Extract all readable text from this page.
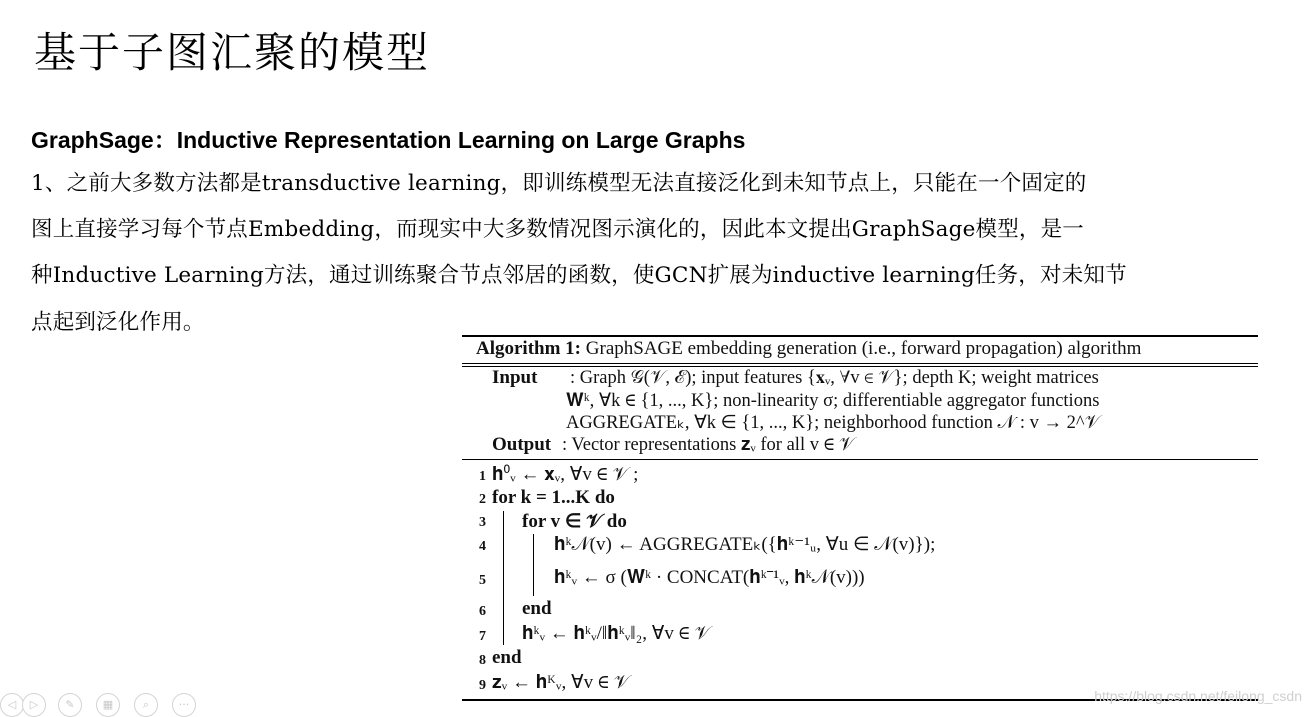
基于子图汇聚的模型
GraphSage：Inductive Representation Learning on Large Graphs
1、之前大多数方法都是transductive learning，即训练模型无法直接泛化到未知节点上，只能在一个固定的
图上直接学习每个节点Embedding，而现实中大多数情况图示演化的，因此本文提出GraphSage模型，是一
种Inductive Learning方法，通过训练聚合节点邻居的函数，使GCN扩展为inductive learning任务，对未知节
点起到泛化作用。
Algorithm 1: GraphSAGE embedding generation (i.e., forward propagation) algorithm
Input : Graph 𝒢(𝒱, ℰ); input features {𝐱ᵥ, ∀v ∈ 𝒱}; depth K; weight matrices
𝐖ᵏ, ∀k ∈ {1, ..., K}; non-linearity σ; differentiable aggregator functions
AGGREGATEₖ, ∀k ∈ {1, ..., K}; neighborhood function 𝒩 : v → 2^𝒱
Output : Vector representations 𝐳ᵥ for all v ∈ 𝒱
1 𝐡⁰ᵥ ← 𝐱ᵥ, ∀v ∈ 𝒱 ;
2 for k = 1...K do
3 for v ∈ 𝒱 do
4	𝐡ᵏ𝒩(v) ← AGGREGATEₖ({𝐡ᵏ⁻¹ᵤ, ∀u ∈ 𝒩(v)});
5	𝐡ᵏᵥ ← σ (𝐖ᵏ · CONCAT(𝐡ᵏ⁻¹ᵥ, 𝐡ᵏ𝒩(v)))
6 end
7 𝐡ᵏᵥ ← 𝐡ᵏᵥ/‖𝐡ᵏᵥ‖₂, ∀v ∈ 𝒱
8 end
9 𝐳ᵥ ← 𝐡ᴷᵥ, ∀v ∈ 𝒱
◁	▷	✎	▦	⌕	···
https://blog.csdn.net/feilong_csdn
